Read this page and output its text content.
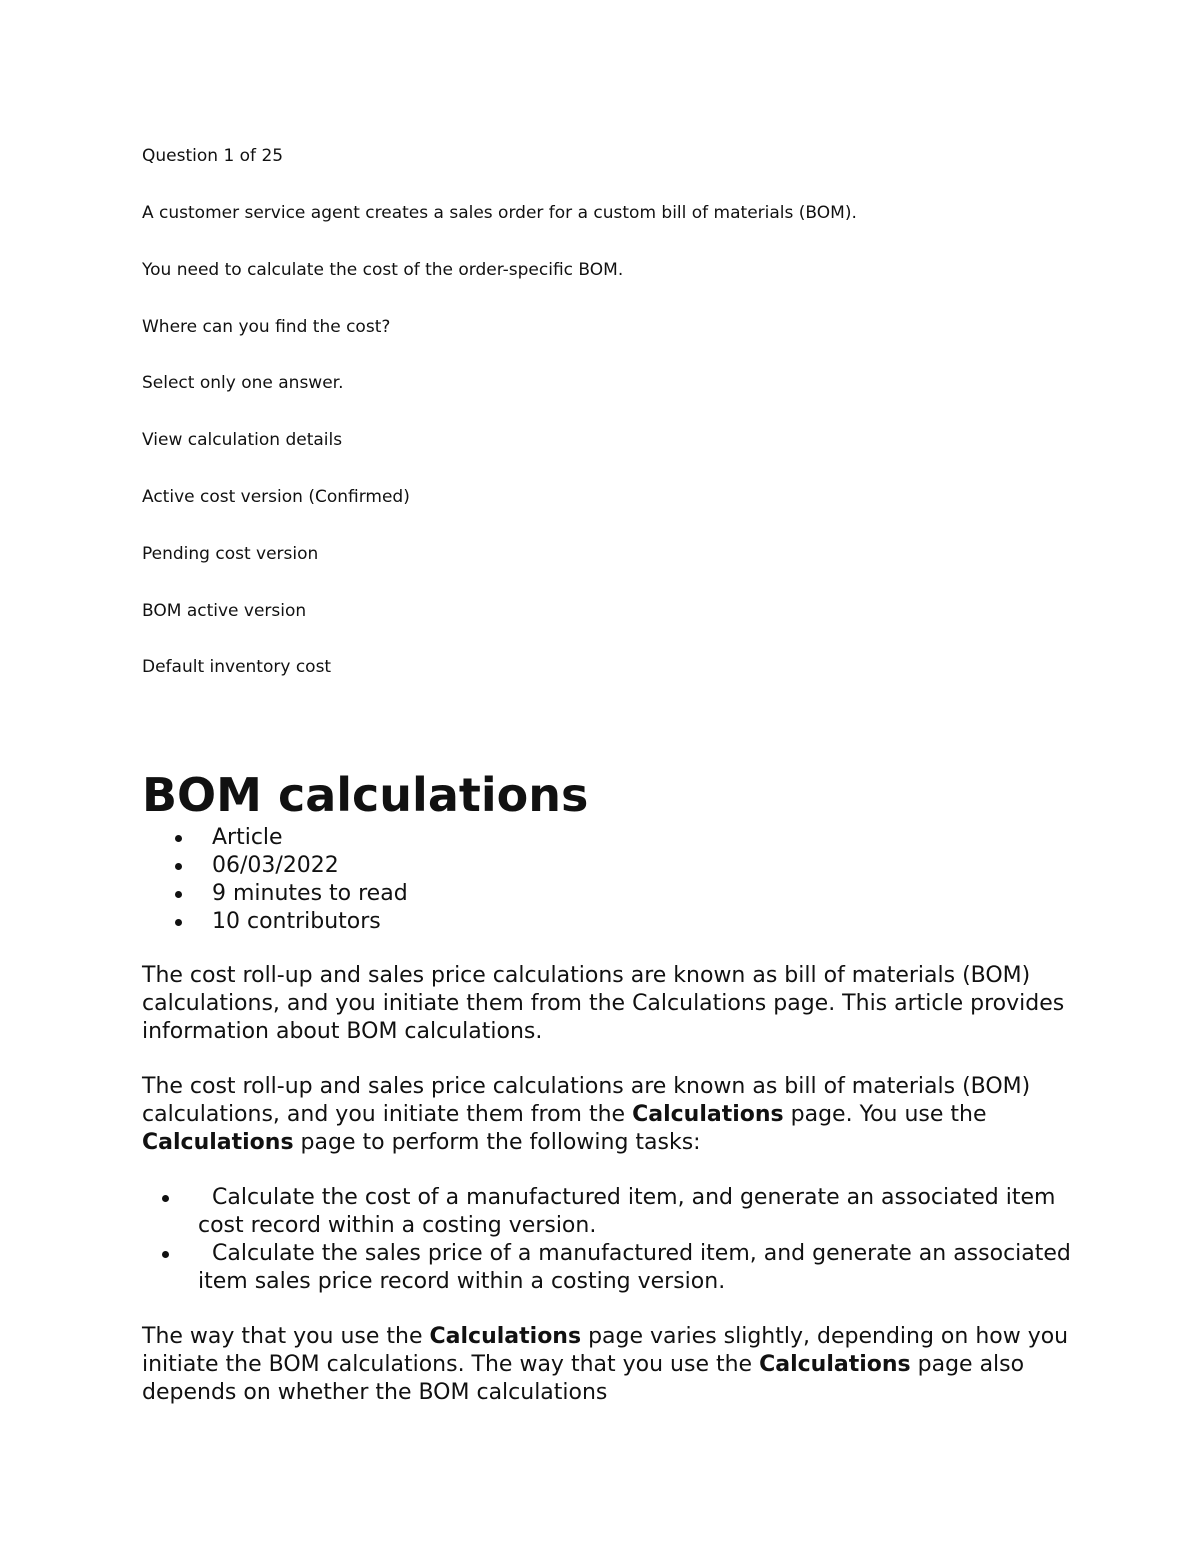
Question 1 of 25

A customer service agent creates a sales order for a custom bill of materials (BOM).

You need to calculate the cost of the order-specific BOM.

Where can you find the cost?

Select only one answer.

View calculation details

Active cost version (Confirmed)

Pending cost version

BOM active version

Default inventory cost

BOM calculations
Article
06/03/2022
9 minutes to read
10 contributors

The cost roll-up and sales price calculations are known as bill of materials (BOM) calculations, and you initiate them from the Calculations page. This article provides information about BOM calculations.

The cost roll-up and sales price calculations are known as bill of materials (BOM) calculations, and you initiate them from the Calculations page. You use the Calculations page to perform the following tasks:

Calculate the cost of a manufactured item, and generate an associated item cost record within a costing version.
Calculate the sales price of a manufactured item, and generate an associated item sales price record within a costing version.

The way that you use the Calculations page varies slightly, depending on how you initiate the BOM calculations. The way that you use the Calculations page also depends on whether the BOM calculations
